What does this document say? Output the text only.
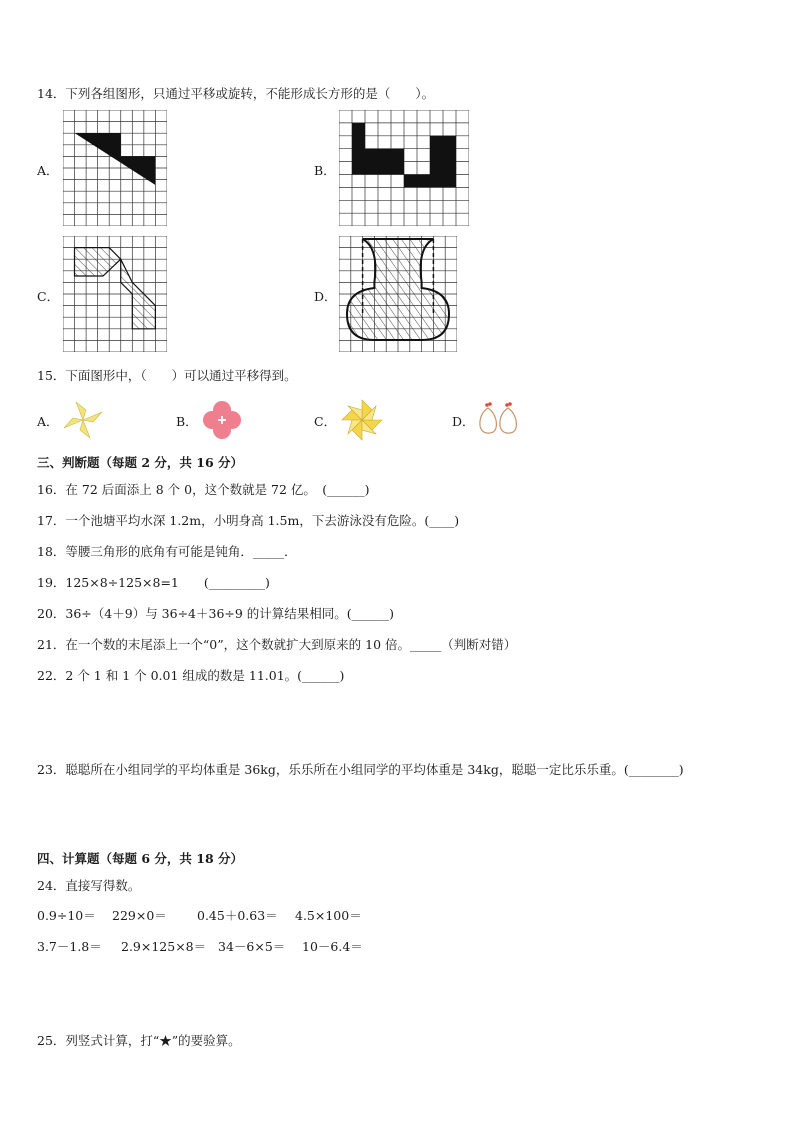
14．下列各组图形，只通过平移或旋转，不能形成长方形的是（　　）。
A．	B．
C．	D．
15．下面图形中，（　　）可以通过平移得到。
A．	B．	C．	D．
三、判断题（每题 2 分，共 16 分）
16．在 72 后面添上 8 个 0，这个数就是 72 亿。　(______)
17．一个池塘平均水深 1.2m，小明身高 1.5m，下去游泳没有危险。(____)
18．等腰三角形的底角有可能是钝角．_____．
19．125×8÷125×8=1　　(_________)
20．36÷（4＋9）与 36÷4＋36÷9 的计算结果相同。(______)
21．在一个数的末尾添上一个“0”，这个数就扩大到原来的 10 倍。_____（判断对错）
22．2 个 1 和 1 个 0.01 组成的数是 11.01。(______)
23．聪聪所在小组同学的平均体重是 36kg，乐乐所在小组同学的平均体重是 34kg，聪聪一定比乐乐重。(________)
四、计算题（每题 6 分，共 18 分）
24．直接写得数。
0.9÷10＝ 229×0＝ 0.45＋0.63＝ 4.5×100＝
3.7－1.8＝ 2.9×125×8＝ 34－6×5＝ 10－6.4＝
25．列竖式计算，打“★”的要验算。
